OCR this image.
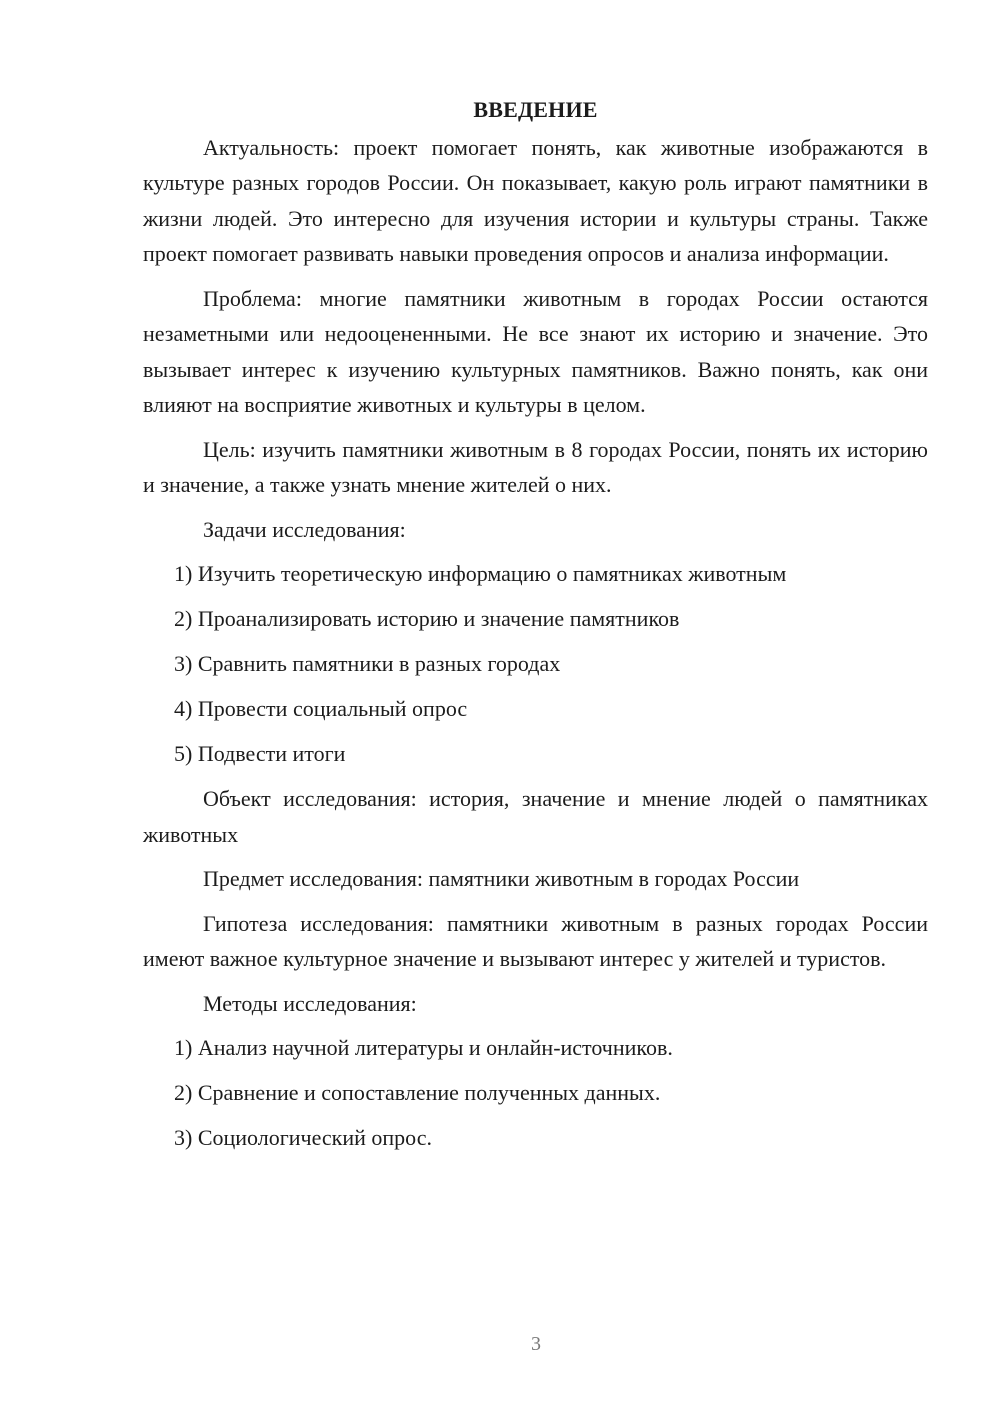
ВВЕДЕНИЕ

Актуальность: проект помогает понять, как животные изображаются в культуре разных городов России. Он показывает, какую роль играют памятники в жизни людей. Это интересно для изучения истории и культуры страны. Также проект помогает развивать навыки проведения опросов и анализа информации.

Проблема: многие памятники животным в городах России остаются незаметными или недооцененными. Не все знают их историю и значение. Это вызывает интерес к изучению культурных памятников. Важно понять, как они влияют на восприятие животных и культуры в целом.

Цель: изучить памятники животным в 8 городах России, понять их историю и значение, а также узнать мнение жителей о них.

Задачи исследования:

1) Изучить теоретическую информацию о памятниках животным

2) Проанализировать историю и значение памятников

3) Сравнить памятники в разных городах

4) Провести социальный опрос

5) Подвести итоги

Объект исследования: история, значение и мнение людей о памятниках животных

Предмет исследования: памятники животным в городах России

Гипотеза исследования: памятники животным в разных городах России имеют важное культурное значение и вызывают интерес у жителей и туристов.

Методы исследования:

1) Анализ научной литературы и онлайн-источников.

2) Сравнение и сопоставление полученных данных.

3) Социологический опрос.

3
